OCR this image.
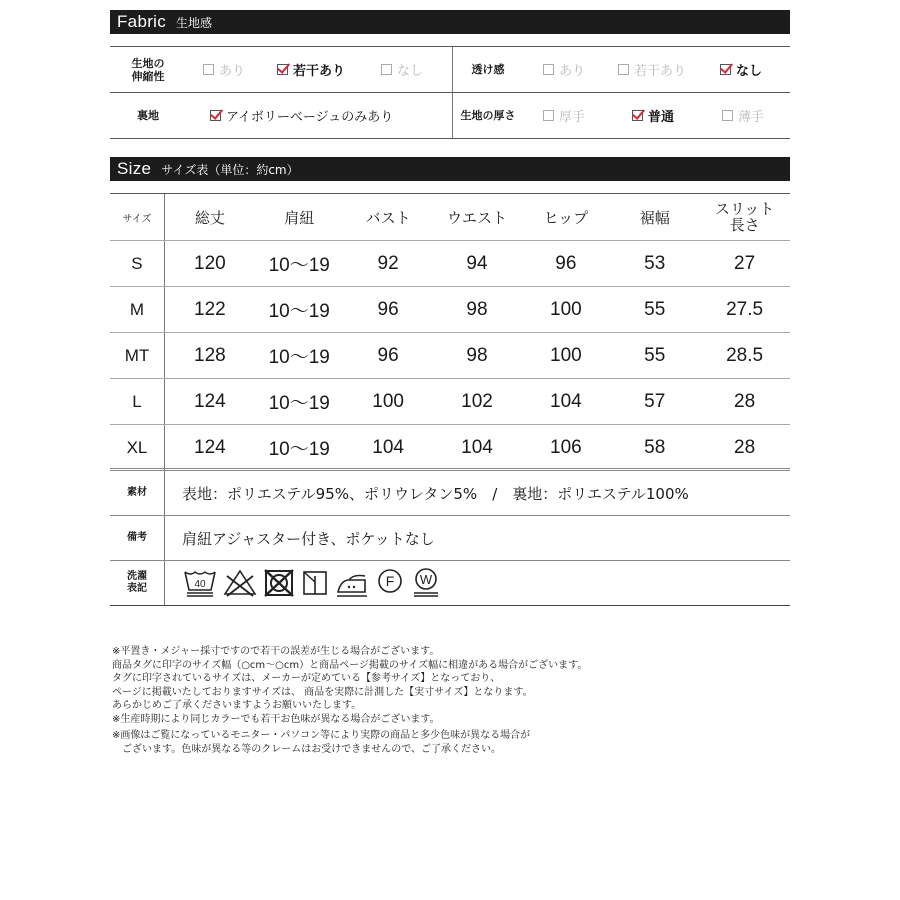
Fabric 生地感
生地の
伸縮性	あり	若干あり	なし	透け感	あり	若干あり	なし
裏地	アイボリーベージュのみあり	生地の厚さ	厚手	普通	薄手
Size サイズ表（単位：約cm）
サイズ	総丈	肩紐	バスト	ウエスト	ヒップ	裾幅	スリット
長さ
S	120	10〜19	92	94	96	53	27
M	122	10〜19	96	98	100	55	27.5
MT	128	10〜19	96	98	100	55	28.5
L	124	10〜19	100	102	104	57	28
XL	124	10〜19	104	104	106	58	28
素材	表地：ポリエステル95%、ポリウレタン5%　/　裏地：ポリエステル100%
備考	肩紐アジャスター付き、ポケットなし
洗濯
表記	40	F W
※平置き・メジャー採寸ですので若干の誤差が生じる場合がございます。
商品タグに印字のサイズ幅（○cm〜○cm）と商品ページ掲載のサイズ幅に相違がある場合がございます。
タグに印字されているサイズは、メーカーが定めている【参考サイズ】となっており、
ページに掲載いたしておりますサイズは、 商品を実際に計測した【実寸サイズ】となります。
あらかじめご了承くださいますようお願いいたします。
※生産時期により同じカラーでも若干お色味が異なる場合がございます。
※画像はご覧になっているモニター・パソコン等により実際の商品と多少色味が異なる場合が
ございます。色味が異なる等のクレームはお受けできませんので、ご了承ください。
